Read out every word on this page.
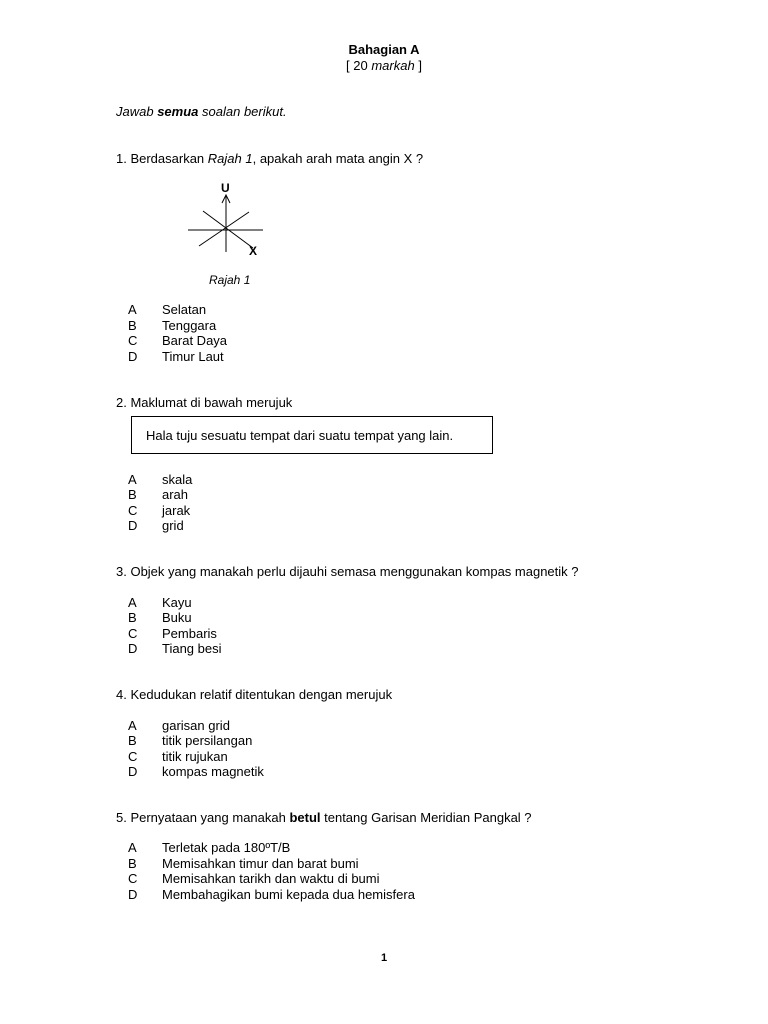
Bahagian A
[ 20 markah ]
Jawab semua soalan berikut.
1. Berdasarkan Rajah 1, apakah arah mata angin X ?
U
X
Rajah 1
A Selatan
B Tenggara
C Barat Daya
D Timur Laut
2. Maklumat di bawah merujuk
Hala tuju sesuatu tempat dari suatu tempat yang lain.
A skala
B arah
C jarak
D grid
3. Objek yang manakah perlu dijauhi semasa menggunakan kompas magnetik ?
A Kayu
B Buku
C Pembaris
D Tiang besi
4. Kedudukan relatif ditentukan dengan merujuk
A garisan grid
B titik persilangan
C titik rujukan
D kompas magnetik
5. Pernyataan yang manakah betul tentang Garisan Meridian Pangkal ?
A Terletak pada 180ºT/B
B Memisahkan timur dan barat bumi
C Memisahkan tarikh dan waktu di bumi
D Membahagikan bumi kepada dua hemisfera
1
